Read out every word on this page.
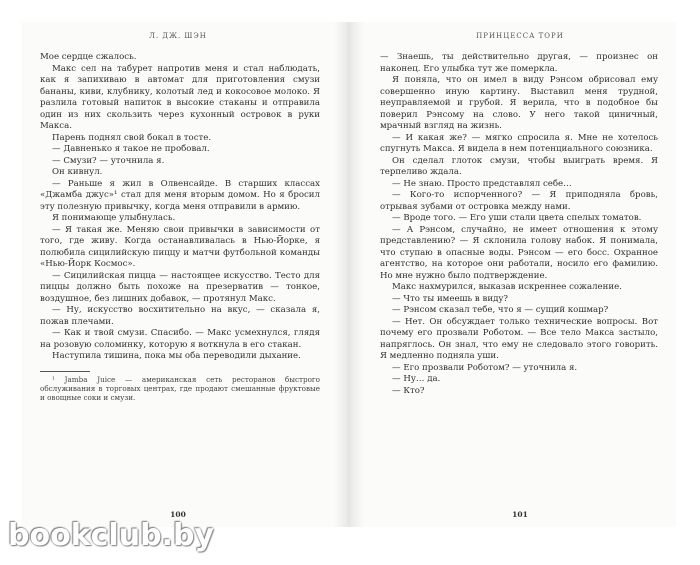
Л. ДЖ. ШЭН

Мое сердце сжалось.

Макс сел на табурет напротив меня и стал наблюдать, как я запихиваю в автомат для приготовления смузи бананы, киви, клубнику, колотый лед и кокосовое молоко. Я разлила готовый напиток в высокие стаканы и отправила один из них скользить через кухонный островок в руки Макса.

Парень поднял свой бокал в тосте.

— Давненько я такое не пробовал.

— Смузи? — уточнила я.

Он кивнул.

— Раньше я жил в Олвенсайде. В старших классах «Джамба джус»¹ стал для меня вторым домом. Но я бросил эту полезную привычку, когда меня отправили в армию.

Я понимающе улыбнулась.

— Я такая же. Меняю свои привычки в зависимости от того, где живу. Когда останавливалась в Нью-Йорке, я полюбила сицилийскую пиццу и матчи футбольной команды «Нью-Йорк Космос».

— Сицилийская пицца — настоящее искусство. Тесто для пиццы должно быть похоже на презерватив — тонкое, воздушное, без лишних добавок, — протянул Макс.

— Ну, искусство восхитительно на вкус, — сказала я, пожав плечами.

— Как и твой смузи. Спасибо. — Макс усмехнулся, глядя на розовую соломинку, которую я воткнула в его стакан.

Наступила тишина, пока мы оба переводили дыхание.

¹ Jamba Juice — американская сеть ресторанов быстрого обслуживания в торговых центрах, где продают смешанные фруктовые и овощные соки и смузи.

100
ПРИНЦЕССА ТОРИ

— Знаешь, ты действительно другая, — произнес он наконец. Его улыбка тут же померкла.

Я поняла, что он имел в виду Рэнсом обрисовал ему совершенно иную картину. Выставил меня трудной, неуправляемой и грубой. Я верила, что в подобное бы поверил Рэнсому на слово. У него такой циничный, мрачный взгляд на жизнь.

— И какая же? — мягко спросила я. Мне не хотелось спугнуть Макса. Я видела в нем потенциального союзника.

Он сделал глоток смузи, чтобы выиграть время. Я терпеливо ждала.

— Не знаю. Просто представлял себе…

— Кого-то испорченного? — Я приподняла бровь, отрывая зубами от островка между нами.

— Вроде того. — Его уши стали цвета спелых томатов.

— А Рэнсом, случайно, не имеет отношения к этому представлению? — Я склонила голову набок. Я понимала, что ступаю в опасные воды. Рэнсом — его босс. Охранное агентство, на которое они работали, носило его фамилию. Но мне нужно было подтверждение.

Макс нахмурился, выказав искреннее сожаление.

— Что ты имеешь в виду?

— Рэнсом сказал тебе, что я — сущий кошмар?

— Нет. Он обсуждает только технические вопросы. Вот почему его прозвали Роботом. — Все тело Макса застыло, напряглось. Он знал, что ему не следовало этого говорить. Я медленно подняла уши.

— Его прозвали Роботом? — уточнила я.

— Ну… да.

— Кто?

101
bookclub.by
